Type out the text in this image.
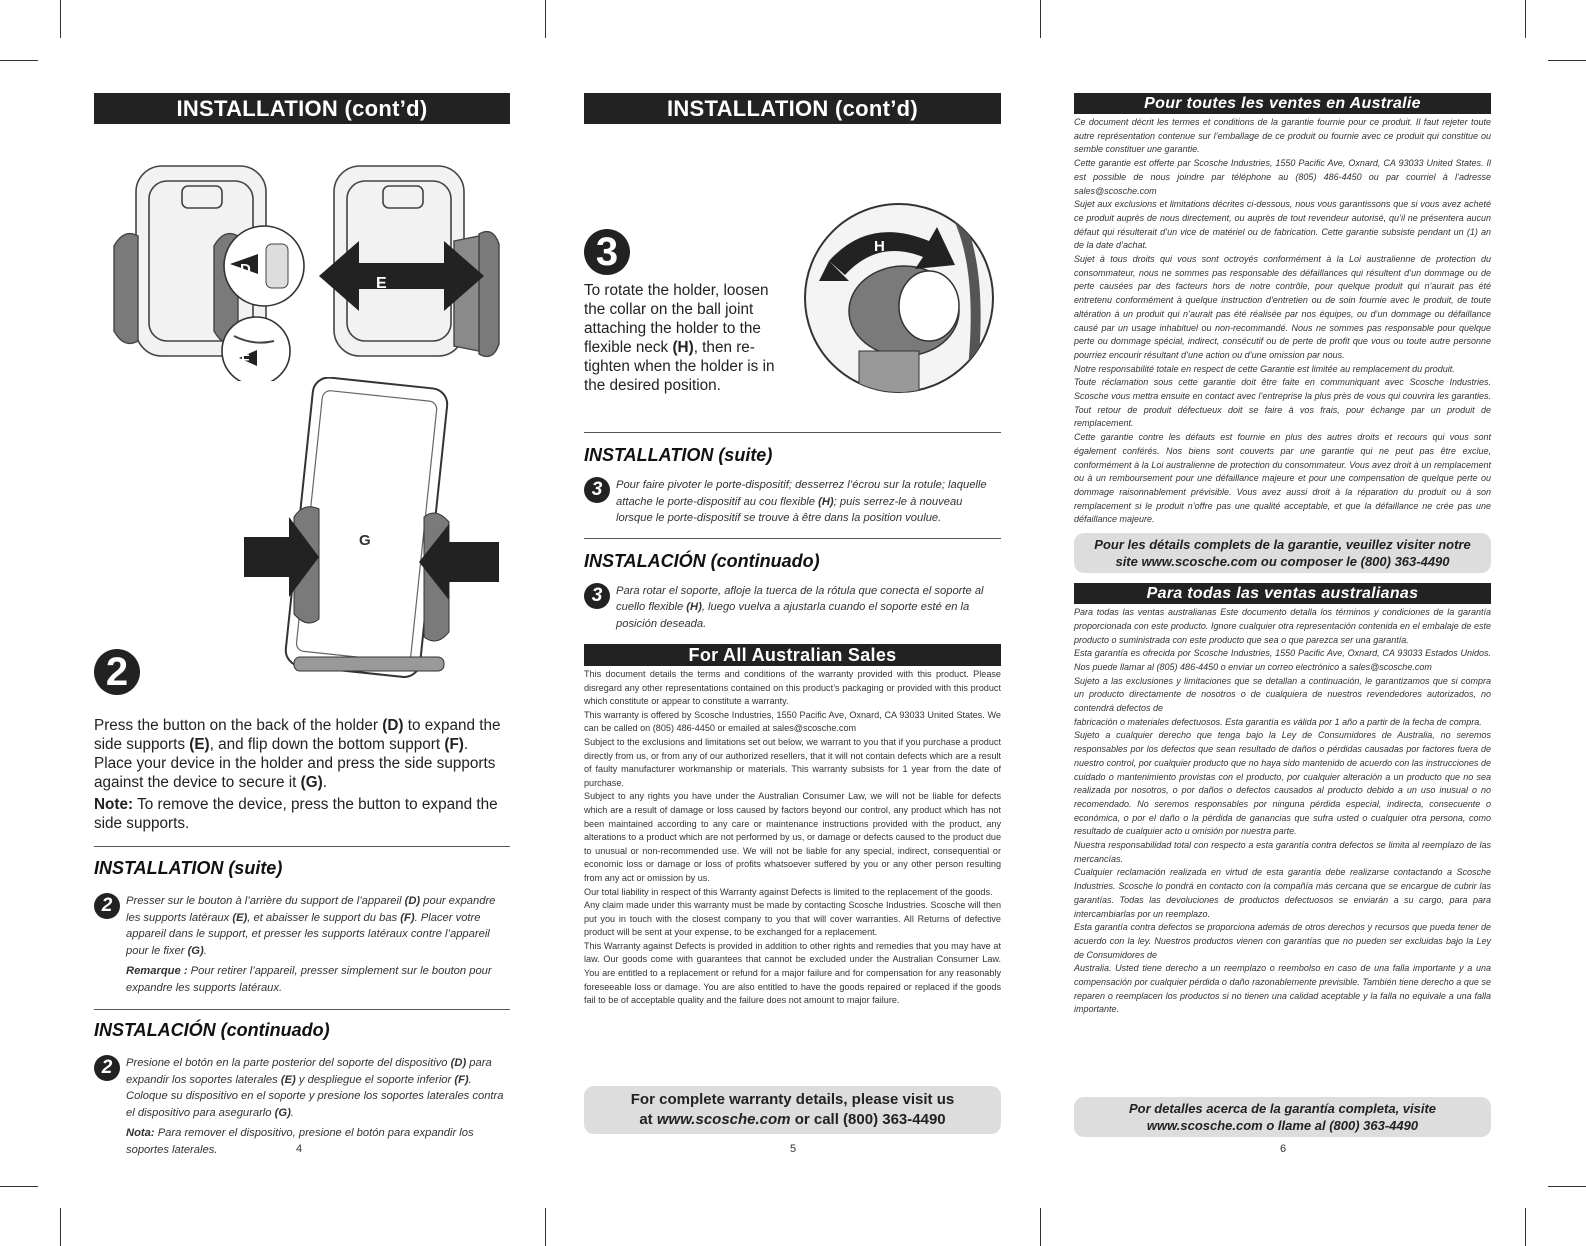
INSTALLATION (cont’d)
E
D
F
G
2

Press the button on the back of the holder (D) to expand the side supports (E), and flip down the bottom support (F). Place your device in the holder and press the side supports against the device to secure it (G).

Note: To remove the device, press the button to expand the side supports.

INSTALLATION (suite)

2	Presser sur le bouton à l’arrière du support de l’appareil (D) pour expandre les supports latéraux (E), et abaisser le support du bas (F). Placer votre appareil dans le support, et presser les supports latéraux contre l’appareil pour le fixer (G).
Remarque : Pour retirer l’appareil, presser simplement sur le bouton pour expandre les supports latéraux.

INSTALACIÓN (continuado)

2	Presione el botón en la parte posterior del soporte del dispositivo (D) para expandir los soportes laterales (E) y despliegue el soporte inferior (F). Coloque su dispositivo en el soporte y presione los soportes laterales contra el dispositivo para asegurarlo (G).
Nota: Para remover el dispositivo, presione el botón para expandir los soportes laterales.	4
INSTALLATION (cont’d)
3

To rotate the holder, loosen the collar on the ball joint attaching the holder to the flexible neck (H), then re-tighten when the holder is in the desired position.

H

INSTALLATION (suite)

3	Pour faire pivoter le porte-dispositif; desserrez l’écrou sur la rotule; laquelle attache le porte-dispositif au cou flexible (H); puis serrez-le à nouveau lorsque le porte-dispositif se trouve à être dans la position voulue.

INSTALACIÓN (continuado)

3	Para rotar el soporte, afloje la tuerca de la rótula que conecta el soporte al cuello flexible (H), luego vuelva a ajustarla cuando el soporte esté en la posición deseada.
For All Australian Sales

This document details the terms and conditions of the warranty provided with this product. Please disregard any other representations contained on this product’s packaging or provided with this product which constitute or appear to constitute a warranty.

This warranty is offered by Scosche Industries, 1550 Pacific Ave, Oxnard, CA 93033 United States. We can be called on (805) 486-4450 or emailed at sales@scosche.com

Subject to the exclusions and limitations set out below, we warrant to you that if you purchase a product directly from us, or from any of our authorized resellers, that it will not contain defects which are a result of faulty manufacturer workmanship or materials. This warranty subsists for 1 year from the date of purchase.

Subject to any rights you have under the Australian Consumer Law, we will not be liable for defects which are a result of damage or loss caused by factors beyond our control, any product which has not been maintained according to any care or maintenance instructions provided with the product, any alterations to a product which are not performed by us, or damage or defects caused to the product due to unusual or non-recommended use. We will not be liable for any special, indirect, consequential or economic loss or damage or loss of profits whatsoever suffered by you or any other person resulting from any act or omission by us.

Our total liability in respect of this Warranty against Defects is limited to the replacement of the goods.

Any claim made under this warranty must be made by contacting Scosche Industries. Scosche will then put you in touch with the closest company to you that will cover warranties. All Returns of defective product will be sent at your expense, to be exchanged for a replacement.

This Warranty against Defects is provided in addition to other rights and remedies that you may have at law. Our goods come with guarantees that cannot be excluded under the Australian Consumer Law. You are entitled to a replacement or refund for a major failure and for compensation for any reasonably foreseeable loss or damage. You are also entitled to have the goods repaired or replaced if the goods fail to be of acceptable quality and the failure does not amount to major failure.

For complete warranty details, please visit us
at www.scosche.com or call (800) 363-4490
5
Pour toutes les ventes en Australie

Ce document décrit les termes et conditions de la garantie fournie pour ce produit. Il faut rejeter toute autre représentation contenue sur l’emballage de ce produit ou fournie avec ce produit qui constitue ou semble constituer une garantie.

Cette garantie est offerte par Scosche Industries, 1550 Pacific Ave, Oxnard, CA 93033 United States. Il est possible de nous joindre par téléphone au (805) 486-4450 ou par courriel à l’adresse sales@scosche.com

Sujet aux exclusions et limitations décrites ci-dessous, nous vous garantissons que si vous avez acheté ce produit auprès de nous directement, ou auprès de tout revendeur autorisé, qu’il ne présentera aucun défaut qui résulterait d’un vice de matériel ou de fabrication. Cette garantie subsiste pendant un (1) an de la date d’achat.

Sujet à tous droits qui vous sont octroyés conformément à la Loi australienne de protection du consommateur, nous ne sommes pas responsable des défaillances qui résultent d’un dommage ou de perte causées par des facteurs hors de notre contrôle, pour quelque produit qui n’aurait pas été entretenu conformément à quelque instruction d’entretien ou de soin fournie avec le produit, de toute altération à un produit qui n’aurait pas été réalisée par nos équipes, ou d’un dommage ou défaillance causé par un usage inhabituel ou non-recommandé. Nous ne sommes pas responsable pour quelque perte ou dommage spécial, indirect, consécutif ou de perte de profit que vous ou toute autre personne pourriez encourir résultant d’une action ou d’une omission par nous.

Notre responsabilité totale en respect de cette Garantie est limitée au remplacement du produit.

Toute réclamation sous cette garantie doit être faite en communiquant avec Scosche Industries. Scosche vous mettra ensuite en contact avec l’entreprise la plus près de vous qui couvrira les garanties. Tout retour de produit défectueux doit se faire à vos frais, pour échange par un produit de remplacement.

Cette garantie contre les défauts est fournie en plus des autres droits et recours qui vous sont également conférés. Nos biens sont couverts par une garantie qui ne peut pas être exclue, conformément à la Loi australienne de protection du consommateur. Vous avez droit à un remplacement ou à un remboursement pour une défaillance majeure et pour une compensation de quelque perte ou dommage raisonnablement prévisible. Vous avez aussi droit à la réparation du produit ou à son remplacement si le produit n’offre pas une qualité acceptable, et que la défaillance ne crée pas une défaillance majeure.

Pour les détails complets de la garantie, veuillez visiter notre
site www.scosche.com ou composer le (800) 363-4490
Para todas las ventas australianas

Para todas las ventas australianas Este documento detalla los términos y condiciones de la garantía proporcionada con este producto. Ignore cualquier otra representación contenida en el embalaje de este producto o suministrada con este producto que sea o que parezca ser una garantía.

Esta garantía es ofrecida por Scosche Industries, 1550 Pacific Ave, Oxnard, CA 93033 Estados Unidos. Nos puede llamar al (805) 486-4450 o enviar un correo electrónico a sales@scosche.com

Sujeto a las exclusiones y limitaciones que se detallan a continuación, le garantizamos que si compra un producto directamente de nosotros o de cualquiera de nuestros revendedores autorizados, no contendrá defectos de

fabricación o materiales defectuosos. Esta garantía es válida por 1 año a partir de la fecha de compra.

Sujeto a cualquier derecho que tenga bajo la Ley de Consumidores de Australia, no seremos responsables por los defectos que sean resultado de daños o pérdidas causadas por factores fuera de nuestro control, por cualquier producto que no haya sido mantenido de acuerdo con las instrucciones de cuidado o mantenimiento provistas con el producto, por cualquier alteración a un producto que no sea realizada por nosotros, o por daños o defectos causados al producto debido a un uso inusual o no recomendado. No seremos responsables por ninguna pérdida especial, indirecta, consecuente o económica, o por el daño o la pérdida de ganancias que sufra usted o cualquier otra persona, como resultado de cualquier acto u omisión por nuestra parte.

Nuestra responsabilidad total con respecto a esta garantía contra defectos se limita al reemplazo de las mercancías.

Cualquier reclamación realizada en virtud de esta garantía debe realizarse contactando a Scosche Industries. Scosche lo pondrá en contacto con la compañía más cercana que se encargue de cubrir las garantías. Todas las devoluciones de productos defectuosos se enviarán a su cargo, para para intercambiarlas por un reemplazo.

Esta garantía contra defectos se proporciona además de otros derechos y recursos que pueda tener de acuerdo con la ley. Nuestros productos vienen con garantías que no pueden ser excluidas bajo la Ley de Consumidores de

Australia. Usted tiene derecho a un reemplazo o reembolso en caso de una falla importante y a una compensación por cualquier pérdida o daño razonablemente previsible. También tiene derecho a que se reparen o reemplacen los productos si no tienen una calidad aceptable y la falla no equivale a una falla importante.

Por detalles acerca de la garantía completa, visite
www.scosche.com o llame al (800) 363-4490
6
